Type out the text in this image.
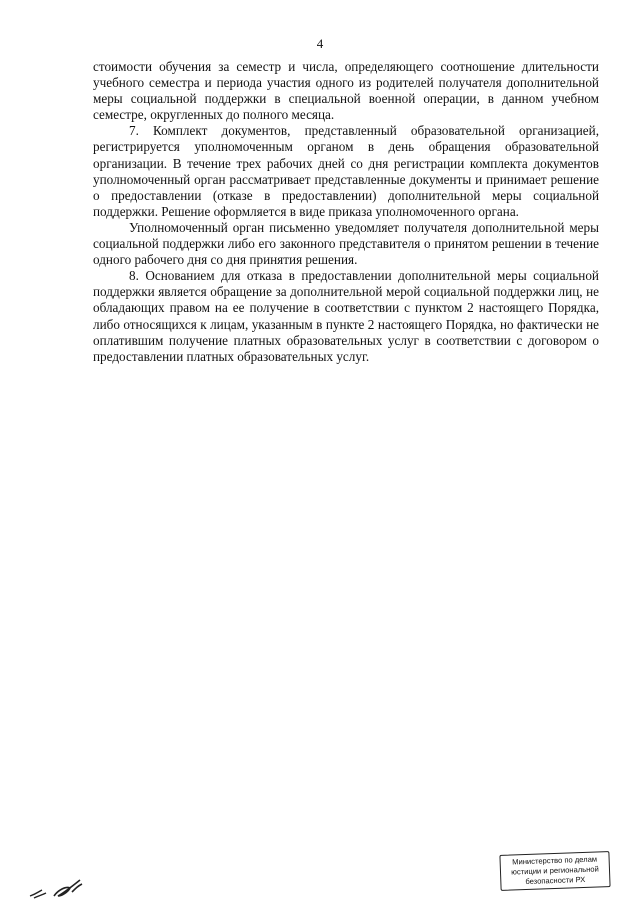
4

стоимости обучения за семестр и числа, определяющего соотношение длительности учебного семестра и периода участия одного из родителей получателя дополнительной меры социальной поддержки в специальной военной операции, в данном учебном семестре, округленных до полного месяца.

7. Комплект документов, представленный образовательной организацией, регистрируется уполномоченным органом в день обращения образовательной организации. В течение трех рабочих дней со дня регистрации комплекта документов уполномоченный орган рассматривает представленные документы и принимает решение о предоставлении (отказе в предоставлении) дополнительной меры социальной поддержки. Решение оформляется в виде приказа уполномоченного органа.

Уполномоченный орган письменно уведомляет получателя дополнительной меры социальной поддержки либо его законного представителя о принятом решении в течение одного рабочего дня со дня принятия решения.

8. Основанием для отказа в предоставлении дополнительной меры социальной поддержки является обращение за дополнительной мерой социальной поддержки лиц, не обладающих правом на ее получение в соответствии с пунктом 2 настоящего Порядка, либо относящихся к лицам, указанным в пункте 2 настоящего Порядка, но фактически не оплатившим получение платных образовательных услуг в соответствии с договором о предоставлении платных образовательных услуг.

Министерство по делам
юстиции и региональной
безопасности РХ
